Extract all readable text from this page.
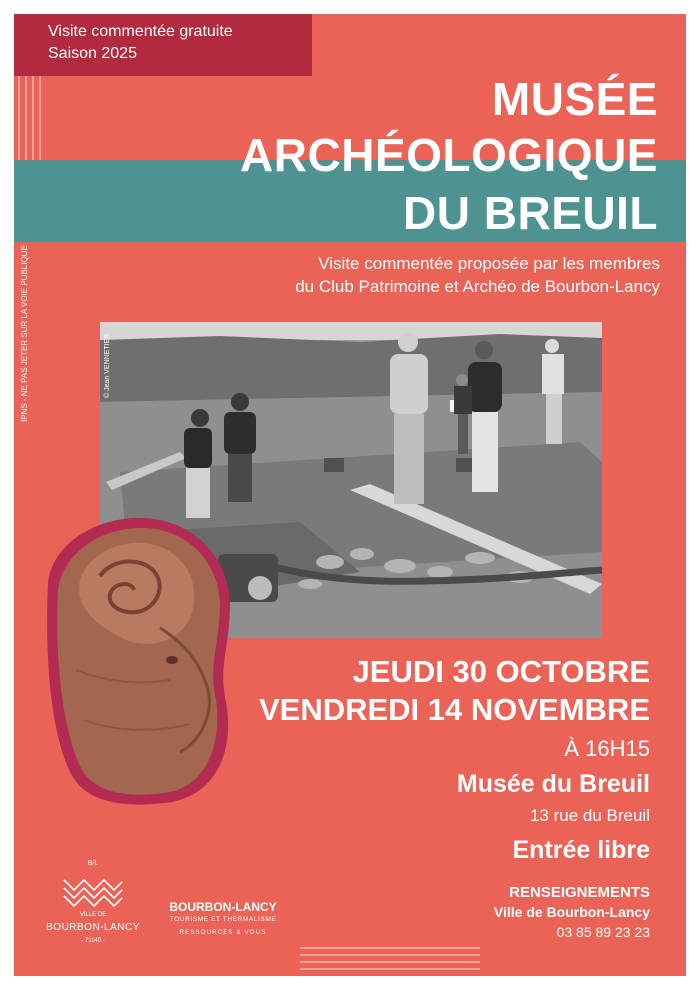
Visite commentée gratuite
Saison 2025
MUSÉE
ARCHÉOLOGIQUE
DU BREUIL
Visite commentée proposée par les membres
du Club Patrimoine et Archéo de Bourbon-Lancy
IPNS - NE PAS JETER SUR LA VOIE PUBLIQUE	© Jean VENNETIER
JEUDI 30 OCTOBRE
VENDREDI 14 NOVEMBRE
À 16H15
Musée du Breuil
13 rue du Breuil
Entrée libre
RENSEIGNEMENTS
Ville de Bourbon-Lancy
03 85 89 23 23
B/L
VILLE DE
BOURBON-LANCY
- 71140 -
BOURBON-LANCY
TOURISME ET THERMALISME
RESSOURCES & VOUS
